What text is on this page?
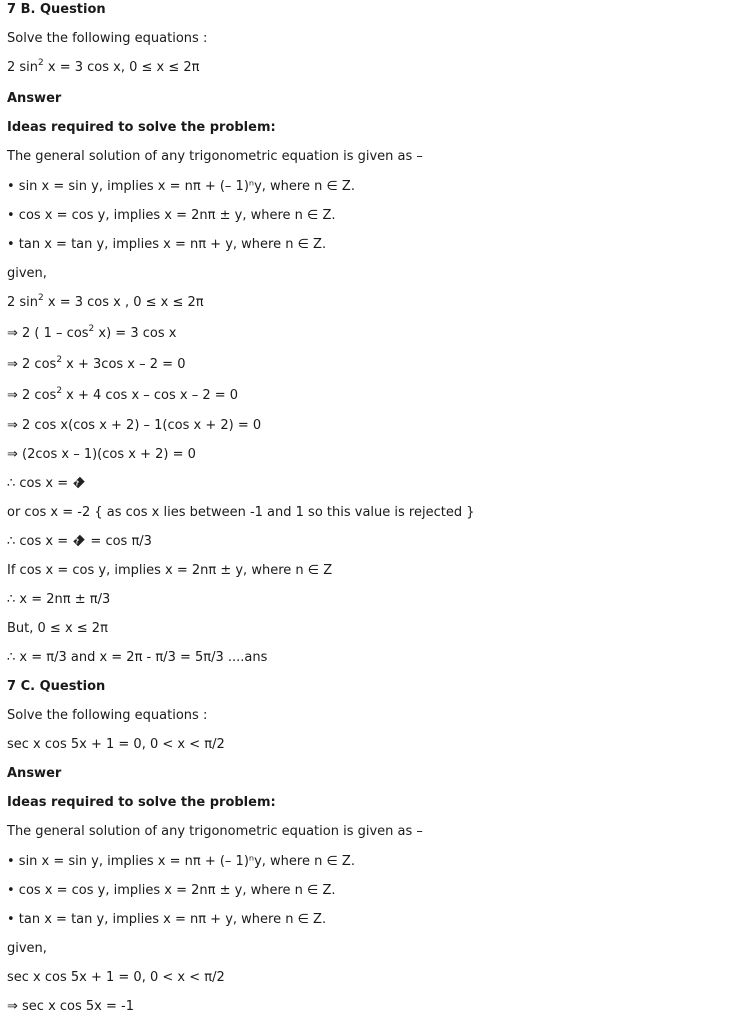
7 B. Question
Solve the following equations :
2 $\sin^2 x = 3$ cos x, 0 ≤ x ≤ 2π
Answer
Ideas required to solve the problem:
The general solution of any trigonometric equation is given as –
• sin x = sin y, implies x = nπ + (– 1)ⁿy, where n ∈ Z.
• cos x = cos y, implies x = 2nπ ± y, where n ∈ Z.
• tan x = tan y, implies x = nπ + y, where n ∈ Z.
given,
2 $\sin^2 x = 3$ cos x , 0 ≤ x ≤ 2π
⇒ 2 ( $1 - \cos^2 x) = 3$ cos x
⇒ 2 $\cos^2 x + 3\cos$ x – 2 = 0
⇒ 2 $\cos^2 x + 4$ cos x – cos x – 2 = 0
⇒ 2 cos x(cos x + 2) – 1(cos x + 2) = 0
⇒ (2cos x – 1)(cos x + 2) = 0
∴ cos x = ?
or cos x = -2 { as cos x lies between -1 and 1 so this value is rejected }
∴ cos x = ? = cos π/3
If cos x = cos y, implies x = 2nπ ± y, where n ∈ Z
∴ x = 2nπ ± π/3
But, 0 ≤ x ≤ 2π
∴ x = π/3 and x = 2π - π/3 = 5π/3 ....ans
7 C. Question
Solve the following equations :
sec x cos 5x + 1 = 0, 0 < x < π/2
Answer
Ideas required to solve the problem:
The general solution of any trigonometric equation is given as –
• sin x = sin y, implies x = nπ + (– 1)ⁿy, where n ∈ Z.
• cos x = cos y, implies x = 2nπ ± y, where n ∈ Z.
• tan x = tan y, implies x = nπ + y, where n ∈ Z.
given,
sec x cos 5x + 1 = 0, 0 < x < π/2
⇒ sec x cos 5x = -1
